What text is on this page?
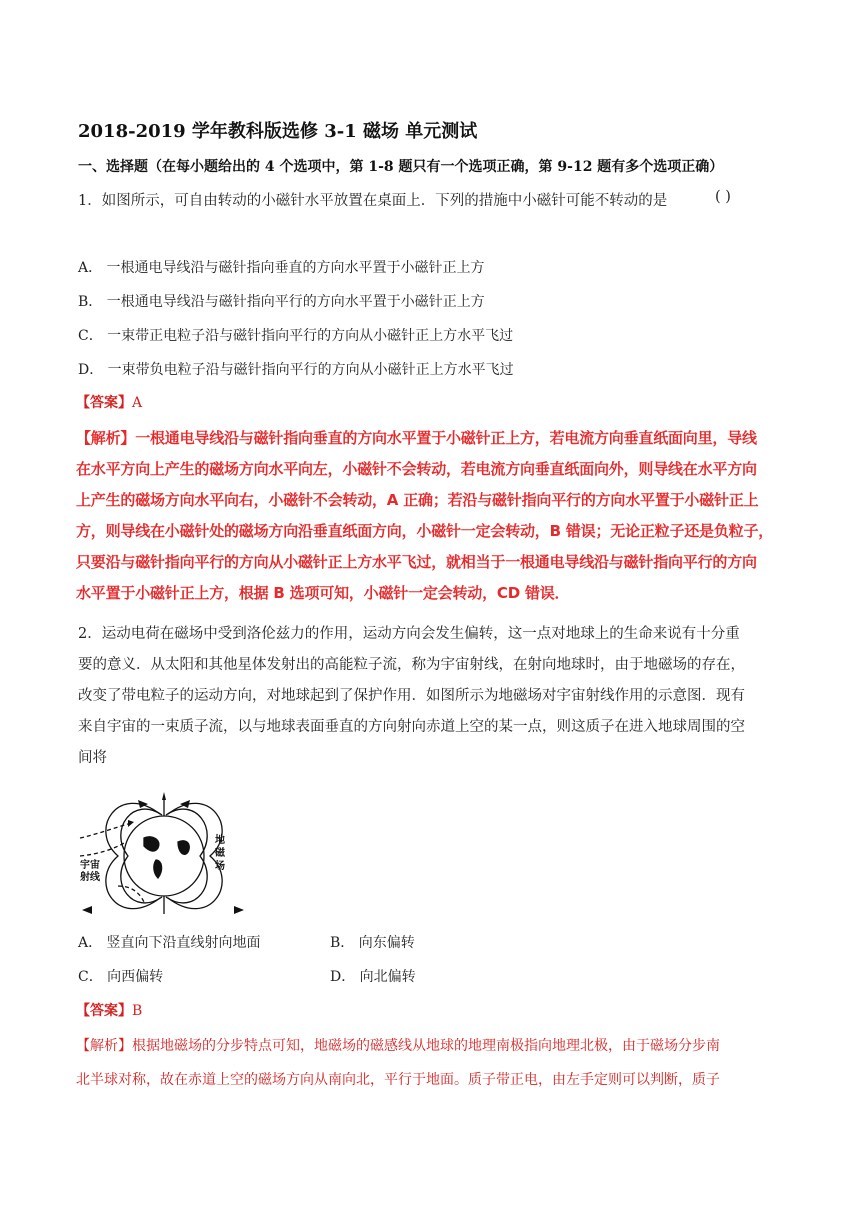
2018-2019 学年教科版选修 3-1 磁场 单元测试
一、选择题（在每小题给出的 4 个选项中，第 1-8 题只有一个选项正确，第 9-12 题有多个选项正确）
1．如图所示，可自由转动的小磁针水平放置在桌面上．下列的措施中小磁针可能不转动的是	( )
A． 一根通电导线沿与磁针指向垂直的方向水平置于小磁针正上方
B． 一根通电导线沿与磁针指向平行的方向水平置于小磁针正上方
C． 一束带正电粒子沿与磁针指向平行的方向从小磁针正上方水平飞过
D． 一束带负电粒子沿与磁针指向平行的方向从小磁针正上方水平飞过
【答案】A
【解析】一根通电导线沿与磁针指向垂直的方向水平置于小磁针正上方，若电流方向垂直纸面向里，导线
在水平方向上产生的磁场方向水平向左，小磁针不会转动，若电流方向垂直纸面向外，则导线在水平方向
上产生的磁场方向水平向右，小磁针不会转动，A 正确；若沿与磁针指向平行的方向水平置于小磁针正上
方，则导线在小磁针处的磁场方向沿垂直纸面方向，小磁针一定会转动，B 错误；无论正粒子还是负粒子，
只要沿与磁针指向平行的方向从小磁针正上方水平飞过，就相当于一根通电导线沿与磁针指向平行的方向
水平置于小磁针正上方，根据 B 选项可知，小磁针一定会转动，CD 错误．
2．运动电荷在磁场中受到洛伦兹力的作用，运动方向会发生偏转，这一点对地球上的生命来说有十分重
要的意义．从太阳和其他星体发射出的高能粒子流，称为宇宙射线，在射向地球时，由于地磁场的存在，
改变了带电粒子的运动方向，对地球起到了保护作用．如图所示为地磁场对宇宙射线作用的示意图．现有
来自宇宙的一束质子流，以与地球表面垂直的方向射向赤道上空的某一点，则这质子在进入地球周围的空
间将
宇宙射线
地磁场
A． 竖直向下沿直线射向地面	B． 向东偏转
C． 向西偏转	D． 向北偏转
【答案】B
【解析】根据地磁场的分步特点可知，地磁场的磁感线从地球的地理南极指向地理北极，由于磁场分步南
北半球对称，故在赤道上空的磁场方向从南向北，平行于地面。质子带正电，由左手定则可以判断，质子
